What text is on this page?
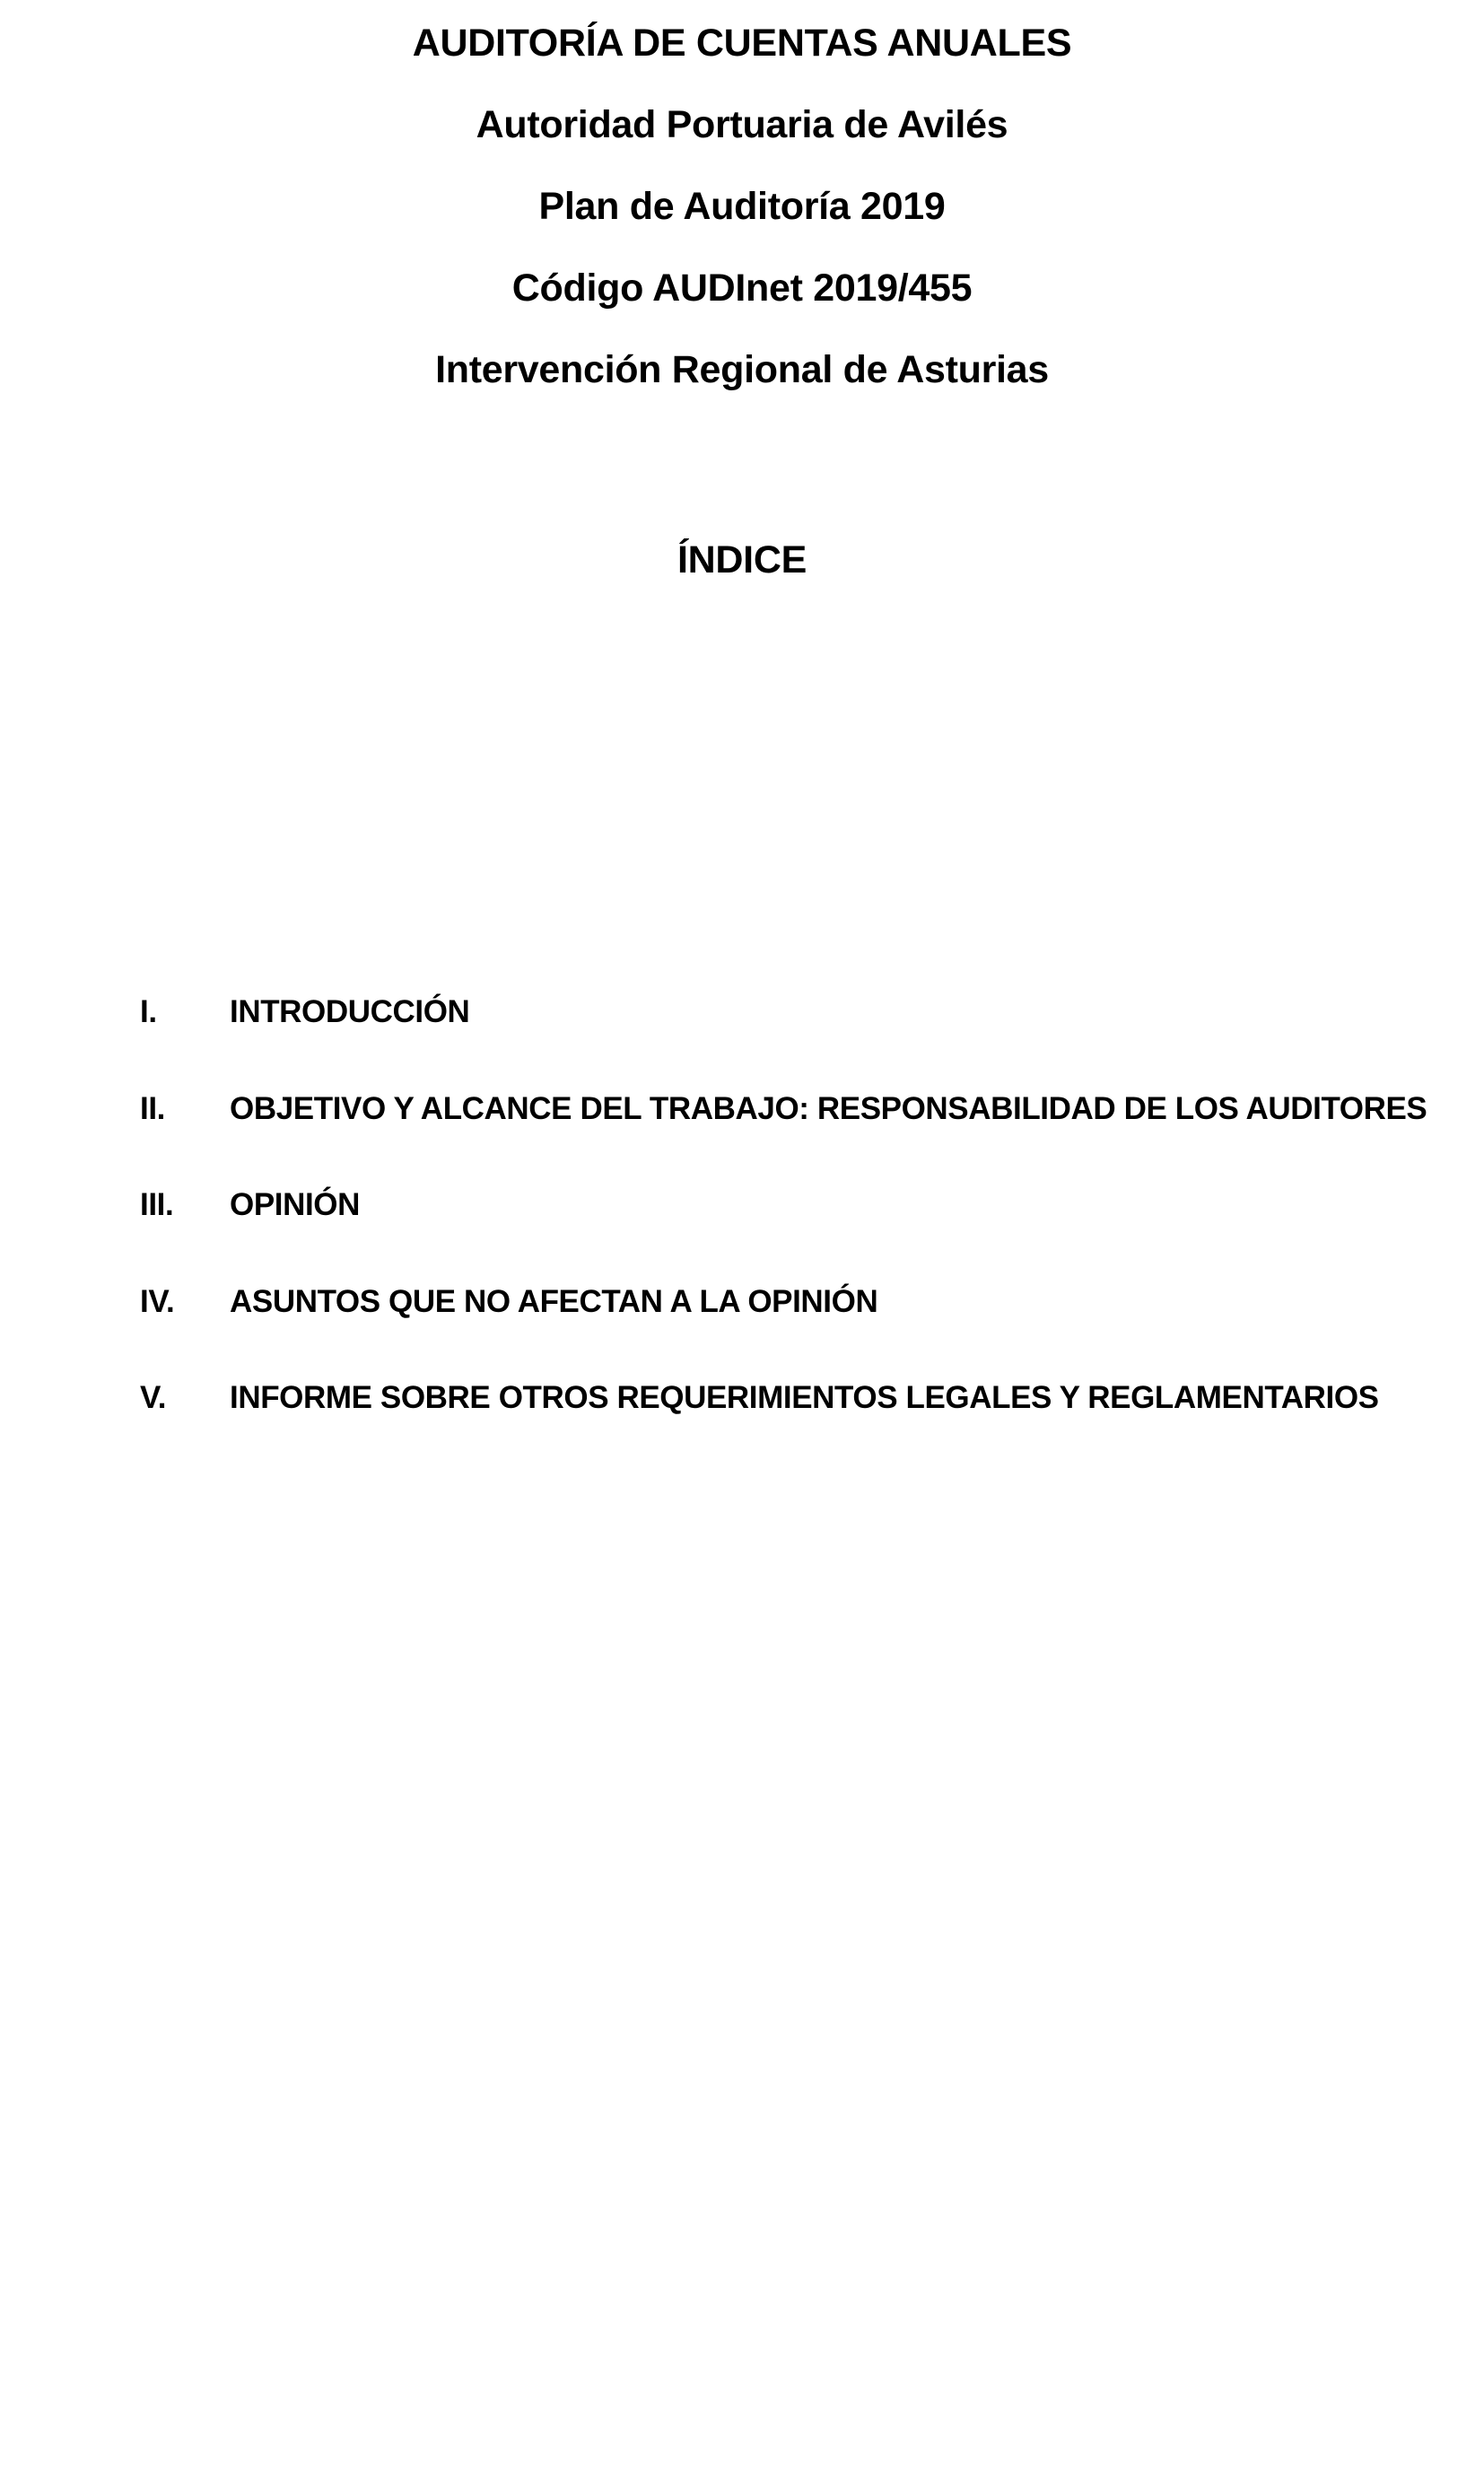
AUDITORÍA DE CUENTAS ANUALES
Autoridad Portuaria de Avilés
Plan de Auditoría 2019
Código AUDInet 2019/455
Intervención Regional de Asturias
ÍNDICE
I.	INTRODUCCIÓN
II.	OBJETIVO Y ALCANCE DEL TRABAJO: RESPONSABILIDAD DE LOS AUDITORES
III.	OPINIÓN
IV.	ASUNTOS QUE NO AFECTAN A LA OPINIÓN
V.	INFORME SOBRE OTROS REQUERIMIENTOS LEGALES Y REGLAMENTARIOS
